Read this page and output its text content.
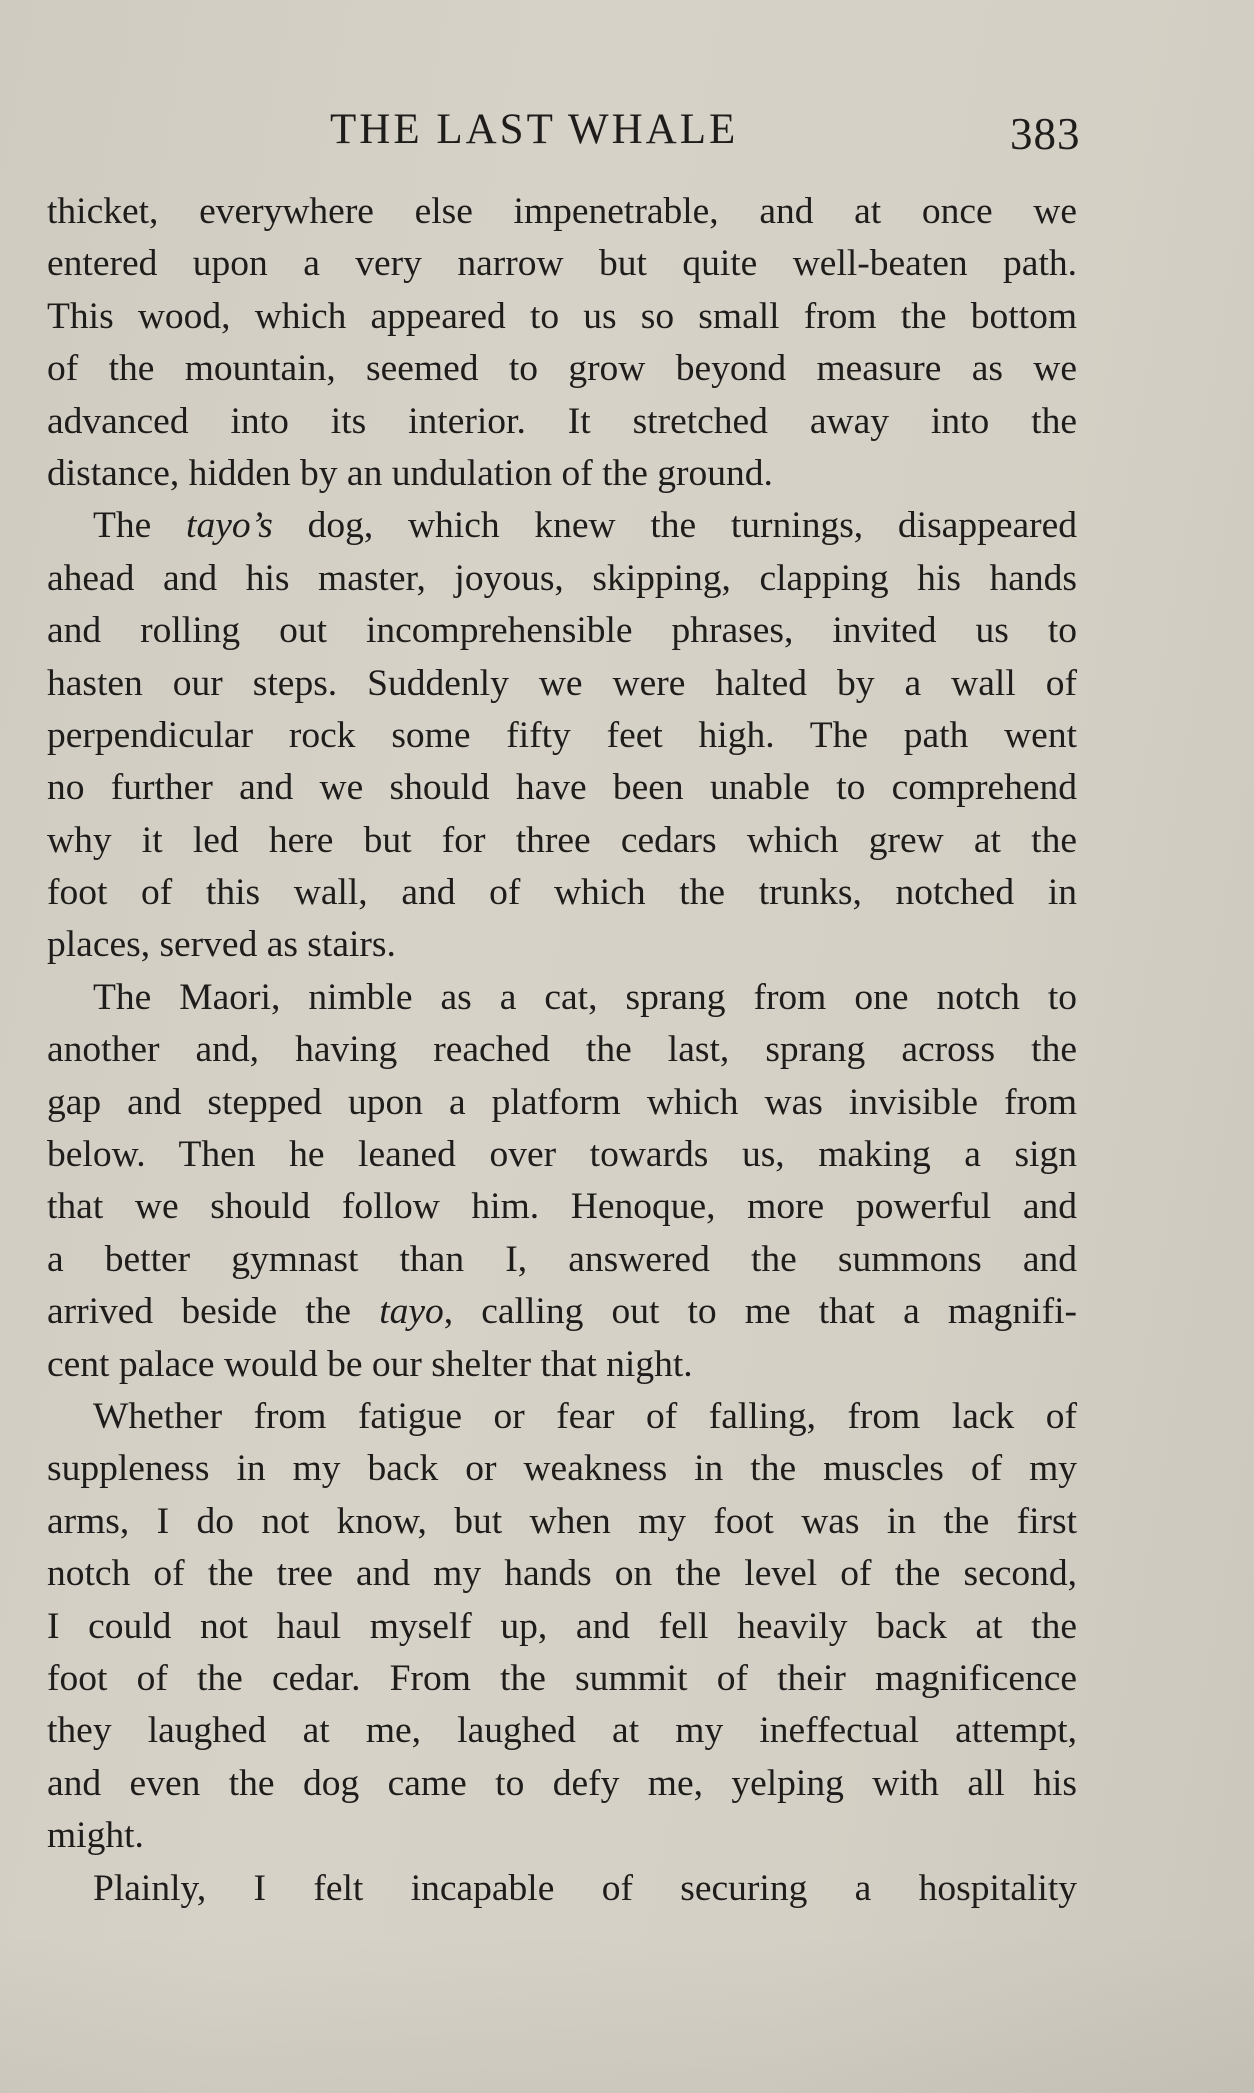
THE LAST WHALE	383
thicket, everywhere else impenetrable, and at once we
entered upon a very narrow but quite well-beaten path.
This wood, which appeared to us so small from the bottom
of the mountain, seemed to grow beyond measure as we
advanced into its interior. It stretched away into the
distance, hidden by an undulation of the ground.
The tayo’s dog, which knew the turnings, disappeared
ahead and his master, joyous, skipping, clapping his hands
and rolling out incomprehensible phrases, invited us to
hasten our steps. Suddenly we were halted by a wall of
perpendicular rock some fifty feet high. The path went
no further and we should have been unable to comprehend
why it led here but for three cedars which grew at the
foot of this wall, and of which the trunks, notched in
places, served as stairs.
The Maori, nimble as a cat, sprang from one notch to
another and, having reached the last, sprang across the
gap and stepped upon a platform which was invisible from
below. Then he leaned over towards us, making a sign
that we should follow him. Henoque, more powerful and
a better gymnast than I, answered the summons and
arrived beside the tayo, calling out to me that a magnifi-
cent palace would be our shelter that night.
Whether from fatigue or fear of falling, from lack of
suppleness in my back or weakness in the muscles of my
arms, I do not know, but when my foot was in the first
notch of the tree and my hands on the level of the second,
I could not haul myself up, and fell heavily back at the
foot of the cedar. From the summit of their magnificence
they laughed at me, laughed at my ineffectual attempt,
and even the dog came to defy me, yelping with all his
might.
Plainly, I felt incapable of securing a hospitality
